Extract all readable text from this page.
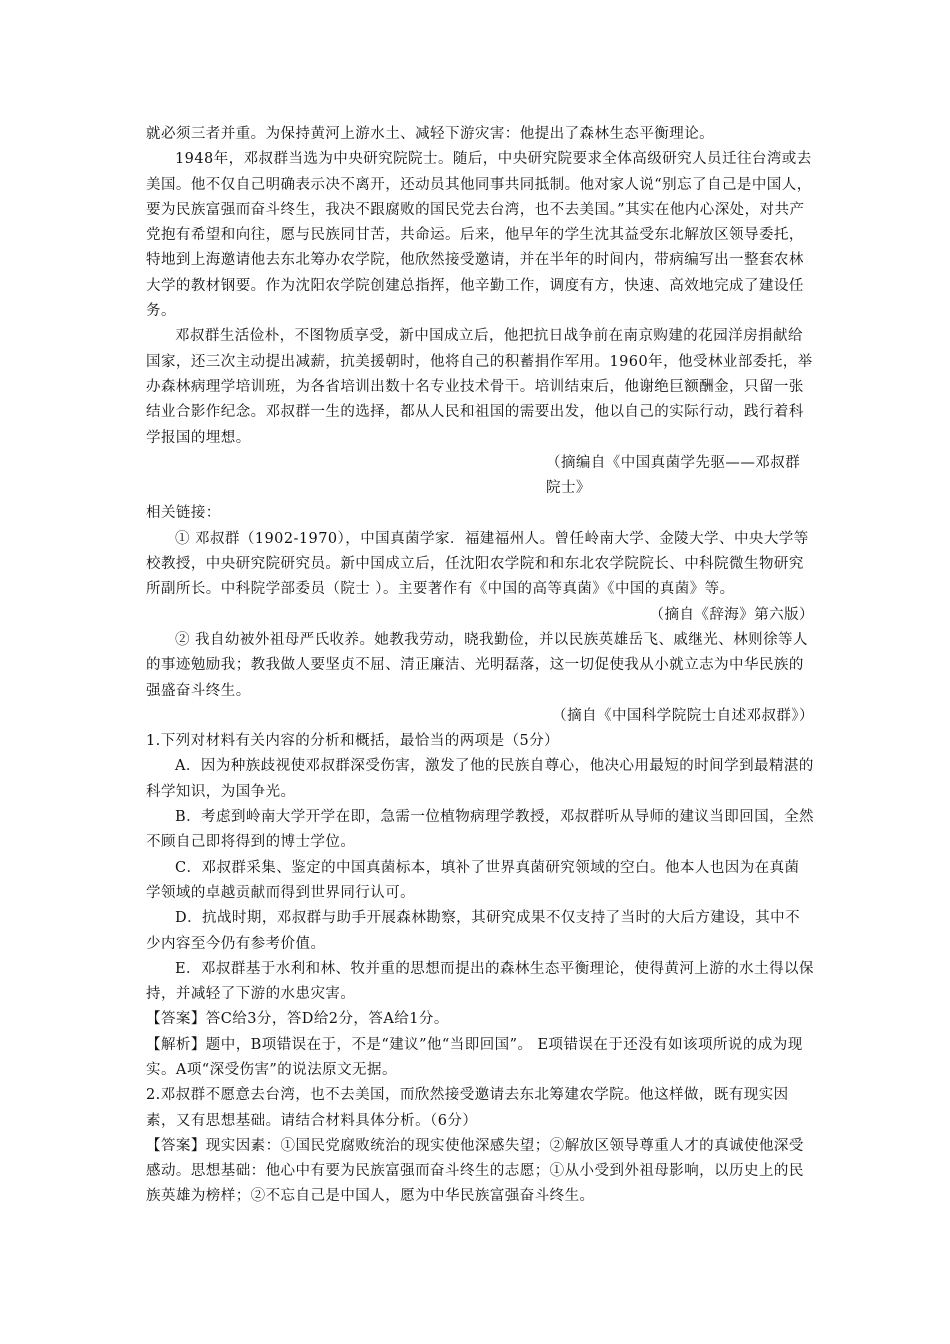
就必须三者并重。为保持黄河上游水土、减轻下游灾害：他提出了森林生态平衡理论。

1948年，邓叔群当选为中央研究院院士。随后，中央研究院要求全体高级研究人员迁往台湾或去美国。他不仅自己明确表示决不离开，还动员其他同事共同抵制。他对家人说“别忘了自己是中国人，要为民族富强而奋斗终生，我决不跟腐败的国民党去台湾，也不去美国。”其实在他内心深处，对共产党抱有希望和向往，愿与民族同甘苦，共命运。后来，他早年的学生沈其益受东北解放区领导委托，特地到上海邀请他去东北筹办农学院，他欣然接受邀请，并在半年的时间内，带病编写出一整套农林大学的教材钢要。作为沈阳农学院创建总指挥，他辛勤工作，调度有方，快速、高效地完成了建设任务。

邓叔群生活俭朴，不图物质享受，新中国成立后，他把抗日战争前在南京购建的花园洋房捐献给国家，还三次主动提出减薪，抗美援朝时，他将自己的积蓄捐作军用。1960年，他受林业部委托，举办森林病理学培训班，为各省培训出数十名专业技术骨干。培训结束后，他谢绝巨额酬金，只留一张结业合影作纪念。邓叔群一生的选择，都从人民和祖国的需要出发，他以自己的实际行动，践行着科学报国的埋想。

（摘编自《中国真菌学先驱——邓叔群院士》

相关链接：

① 邓叔群（1902-1970），中国真菌学家．福建福州人。曾任岭南大学、金陵大学、中央大学等校教授，中央研究院研究员。新中国成立后，任沈阳农学院和和东北农学院院长、中科院微生物研究所副所长。中科院学部委员（院士 ）。主要著作有《中国的高等真菌》《中国的真菌》等。

（摘自《辞海》第六版）

② 我自幼被外祖母严氏收养。她教我劳动，晓我勤俭，并以民族英雄岳飞、戚继光、林则徐等人的事迹勉励我；教我做人要坚贞不屈、清正廉洁、光明磊落，这一切促使我从小就立志为中华民族的强盛奋斗终生。

（摘自《中国科学院院士自述邓叔群》）

1.下列对材料有关内容的分析和概括，最恰当的两项是（5分）

A．因为种族歧视使邓叔群深受伤害，激发了他的民族自尊心，他决心用最短的时间学到最精湛的科学知识，为国争光。

B．考虑到岭南大学开学在即，急需一位植物病理学教授，邓叔群听从导师的建议当即回国，全然不顾自己即将得到的博士学位。

C．邓叔群采集、鉴定的中国真菌标本，填补了世界真菌研究领域的空白。他本人也因为在真菌学领域的卓越贡献而得到世界同行认可。

D．抗战时期，邓叔群与助手开展森林勘察，其研究成果不仅支持了当时的大后方建设，其中不少内容至今仍有参考价值。

E．邓叔群基于水利和林、牧并重的思想而提出的森林生态平衡理论，使得黄河上游的水土得以保持，并减轻了下游的水患灾害。

【答案】答C给3分，答D给2分，答A给1分。

【解析】题中，B项错误在于，不是“建议”他“当即回国”。 E项错误在于还没有如该项所说的成为现实。A项“深受伤害”的说法原文无据。

2.邓叔群不愿意去台湾，也不去美国，而欣然接受邀请去东北筹建农学院。他这样做，既有现实因素，又有思想基础。请结合材料具体分析。（6分）

【答案】现实因素：①国民党腐败统治的现实使他深感失望；②解放区领导尊重人才的真诚使他深受感动。思想基础：他心中有要为民族富强而奋斗终生的志愿；①从小受到外祖母影响，以历史上的民族英雄为榜样；②不忘自己是中国人，愿为中华民族富强奋斗终生。
